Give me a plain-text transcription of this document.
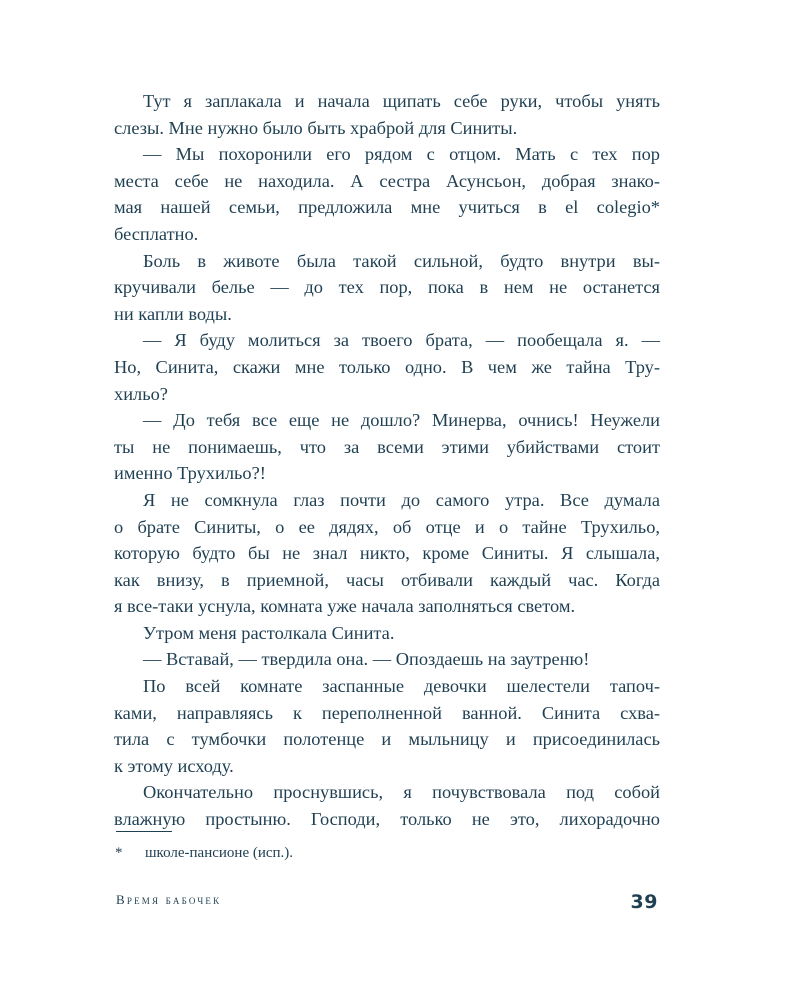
Тут я заплакала и начала щипать себе руки, чтобы унять
слезы. Мне нужно было быть храброй для Синиты.
— Мы похоронили его рядом с отцом. Мать с тех пор
места себе не находила. А сестра Асунсьон, добрая знако-
мая нашей семьи, предложила мне учиться в el colegio*
бесплатно.
Боль в животе была такой сильной, будто внутри вы-
кручивали белье — до тех пор, пока в нем не останется
ни капли воды.
— Я буду молиться за твоего брата, — пообещала я. —
Но, Синита, скажи мне только одно. В чем же тайна Тру-
хильо?
— До тебя все еще не дошло? Минерва, очнись! Неужели
ты не понимаешь, что за всеми этими убийствами стоит
именно Трухильо?!
Я не сомкнула глаз почти до самого утра. Все думала
о брате Синиты, о ее дядях, об отце и о тайне Трухильо,
которую будто бы не знал никто, кроме Синиты. Я слышала,
как внизу, в приемной, часы отбивали каждый час. Когда
я все-таки уснула, комната уже начала заполняться светом.
Утром меня растолкала Синита.
— Вставай, — твердила она. — Опоздаешь на заутреню!
По всей комнате заспанные девочки шелестели тапоч-
ками, направляясь к переполненной ванной. Синита схва-
тила с тумбочки полотенце и мыльницу и присоединилась
к этому исходу.
Окончательно проснувшись, я почувствовала под собой
влажную простыню. Господи, только не это, лихорадочно
* школе-пансионе (исп.).
Время бабочек	39
